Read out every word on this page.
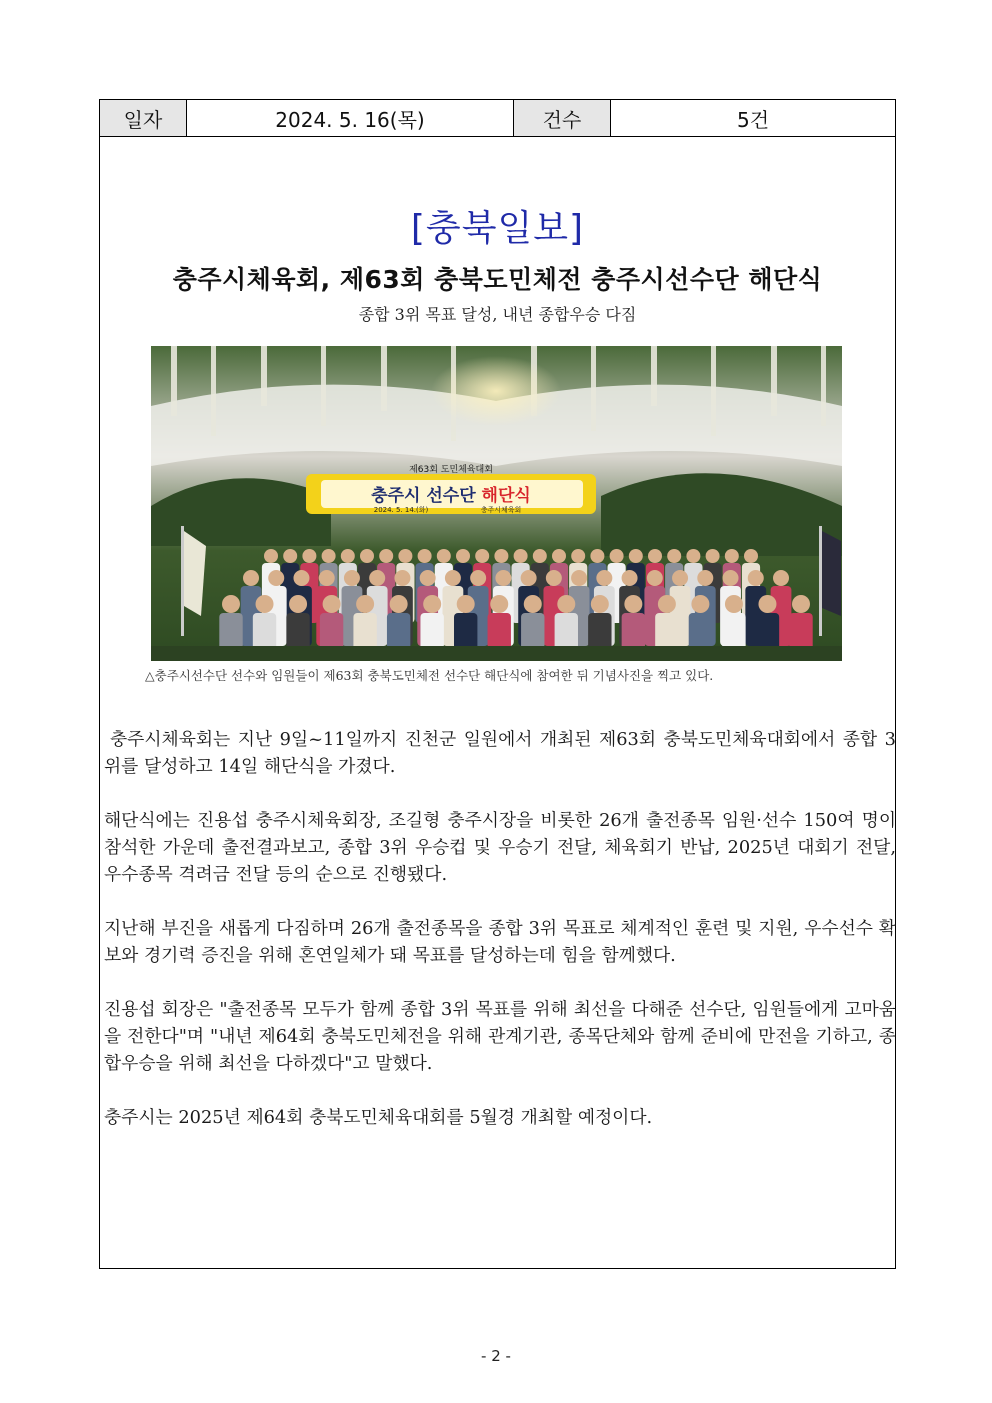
일자	2024. 5. 16(목)	건수	5건
[충북일보]
충주시체육회, 제63회 충북도민체전 충주시선수단 해단식
종합 3위 목표 달성, 내년 종합우승 다짐
제63회 도민체육대회
충주시 선수단 해단식
2024. 5. 14.(화)	충주시체육회
△충주시선수단 선수와 임원들이 제63회 충북도민체전 선수단 해단식에 참여한 뒤 기념사진을 찍고 있다.

충주시체육회는 지난 9일~11일까지 진천군 일원에서 개최된 제63회 충북도민체육대회에서 종합 3위를 달성하고 14일 해단식을 가졌다.

해단식에는 진용섭 충주시체육회장, 조길형 충주시장을 비롯한 26개 출전종목 임원·선수 150여 명이 참석한 가운데 출전결과보고, 종합 3위 우승컵 및 우승기 전달, 체육회기 반납, 2025년 대회기 전달, 우수종목 격려금 전달 등의 순으로 진행됐다.

지난해 부진을 새롭게 다짐하며 26개 출전종목을 종합 3위 목표로 체계적인 훈련 및 지원, 우수선수 확보와 경기력 증진을 위해 혼연일체가 돼 목표를 달성하는데 힘을 함께했다.

진용섭 회장은 "출전종목 모두가 함께 종합 3위 목표를 위해 최선을 다해준 선수단, 임원들에게 고마움을 전한다"며 "내년 제64회 충북도민체전을 위해 관계기관, 종목단체와 함께 준비에 만전을 기하고, 종합우승을 위해 최선을 다하겠다"고 말했다.

충주시는 2025년 제64회 충북도민체육대회를 5월경 개최할 예정이다.

- 2 -
